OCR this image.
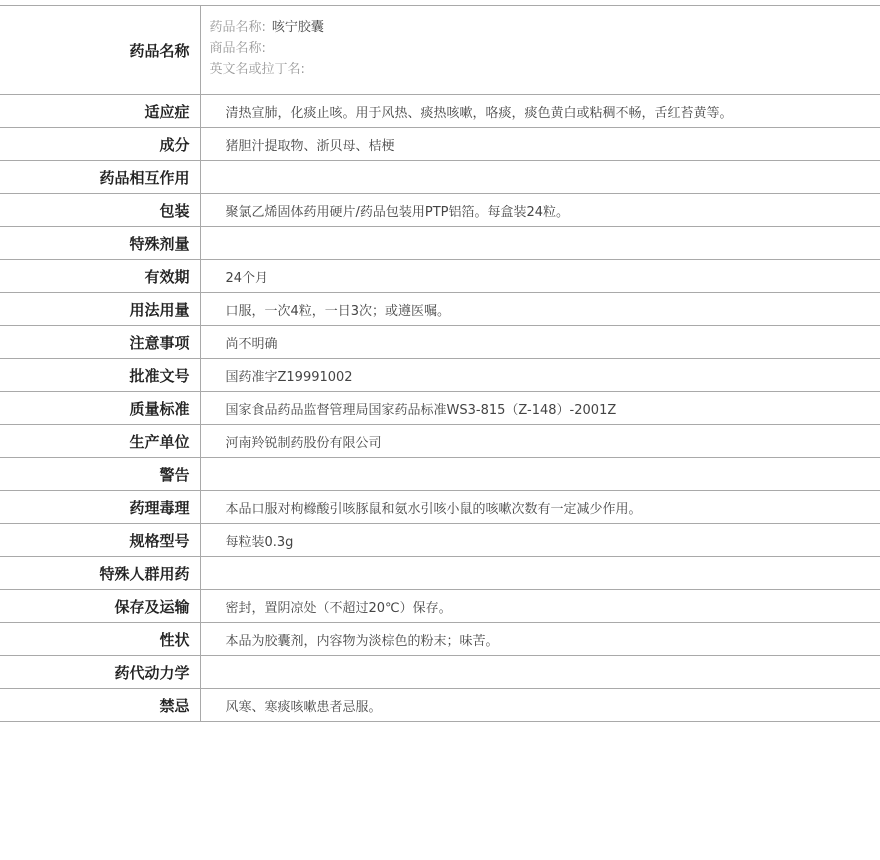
药品名称	药品名称: 咳宁胶囊
商品名称:
英文名或拉丁名:

适应症	清热宣肺，化痰止咳。用于风热、痰热咳嗽，咯痰，痰色黄白或粘稠不畅，舌红苔黄等。
成分	猪胆汁提取物、浙贝母、桔梗
药品相互作用	
包装	聚氯乙烯固体药用硬片/药品包装用PTP铝箔。每盒装24粒。
特殊剂量	
有效期	24个月
用法用量	口服，一次4粒，一日3次；或遵医嘱。
注意事项	尚不明确
批准文号	国药准字Z19991002
质量标准	国家食品药品监督管理局国家药品标准WS3-815（Z-148）-2001Z
生产单位	河南羚锐制药股份有限公司
警告	
药理毒理	本品口服对枸橼酸引咳豚鼠和氨水引咳小鼠的咳嗽次数有一定减少作用。
规格型号	每粒装0.3g
特殊人群用药	
保存及运输	密封，置阴凉处（不超过20℃）保存。
性状	本品为胶囊剂，内容物为淡棕色的粉末；味苦。
药代动力学	
禁忌	风寒、寒痰咳嗽患者忌服。
